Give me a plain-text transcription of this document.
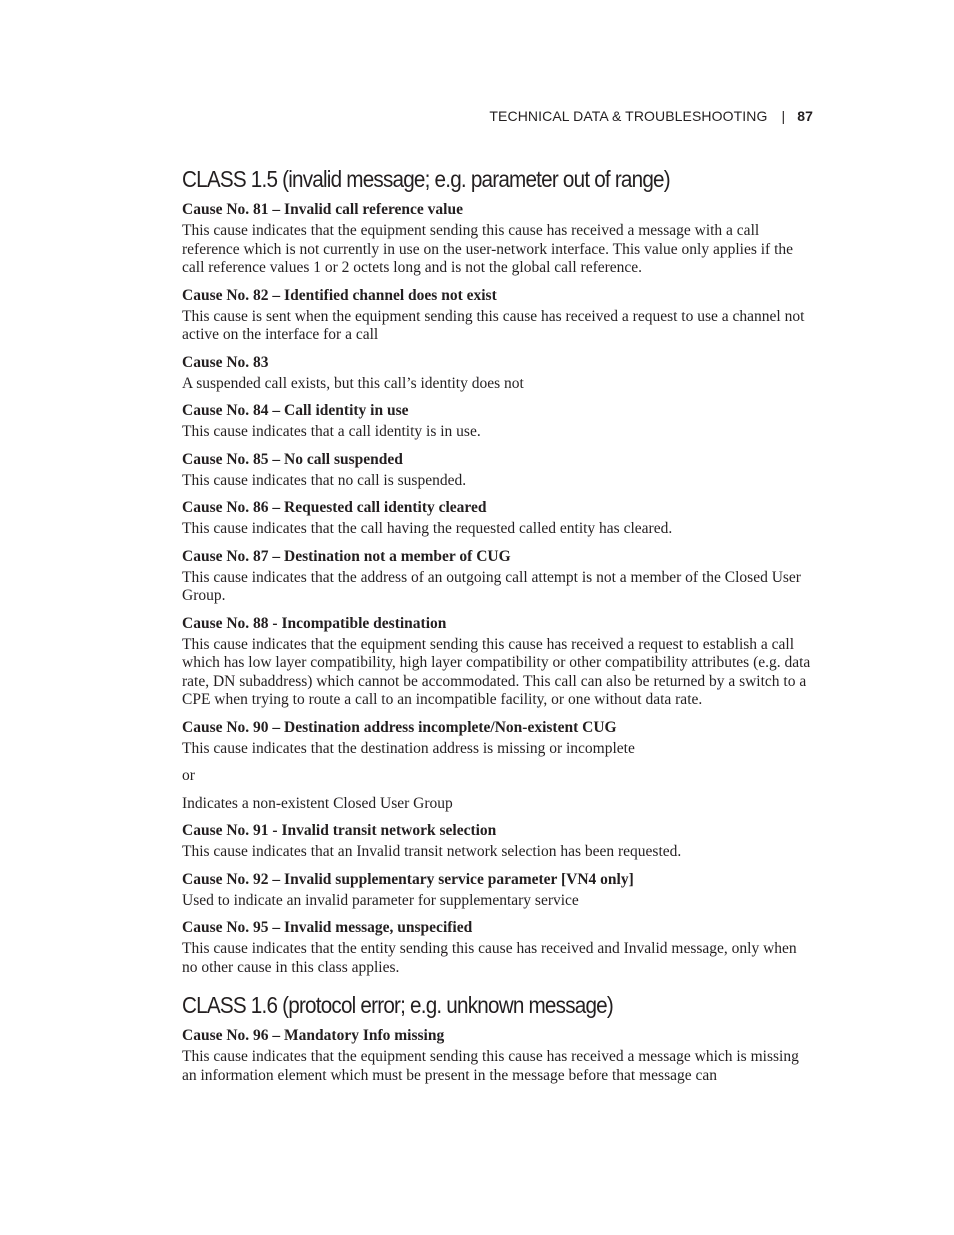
TECHNICAL DATA & TROUBLESHOOTING | 87
CLASS 1.5 (invalid message; e.g. parameter out of range)
Cause No. 81 – Invalid call reference value

This cause indicates that the equipment sending this cause has received a message with a call reference which is not currently in use on the user-network interface. This value only applies if the call reference values 1 or 2 octets long and is not the global call reference.

Cause No. 82 – Identified channel does not exist

This cause is sent when the equipment sending this cause has received a request to use a channel not active on the interface for a call

Cause No. 83

A suspended call exists, but this call’s identity does not

Cause No. 84 – Call identity in use

This cause indicates that a call identity is in use.

Cause No. 85 – No call suspended

This cause indicates that no call is suspended.

Cause No. 86 – Requested call identity cleared

This cause indicates that the call having the requested called entity has cleared.

Cause No. 87 – Destination not a member of CUG

This cause indicates that the address of an outgoing call attempt is not a member of the Closed User Group.

Cause No. 88 - Incompatible destination

This cause indicates that the equipment sending this cause has received a request to establish a call which has low layer compatibility, high layer compatibility or other compatibility attributes (e.g. data rate, DN subaddress) which cannot be accommodated. This call can also be returned by a switch to a CPE when trying to route a call to an incompatible facility, or one without data rate.

Cause No. 90 – Destination address incomplete/Non-existent CUG

This cause indicates that the destination address is missing or incomplete

or

Indicates a non-existent Closed User Group

Cause No. 91 - Invalid transit network selection

This cause indicates that an Invalid transit network selection has been requested.

Cause No. 92 – Invalid supplementary service parameter [VN4 only]

Used to indicate an invalid parameter for supplementary service

Cause No. 95 – Invalid message, unspecified

This cause indicates that the entity sending this cause has received and Invalid message, only when no other cause in this class applies.

CLASS 1.6 (protocol error; e.g. unknown message)
Cause No. 96 – Mandatory Info missing

This cause indicates that the equipment sending this cause has received a message which is missing an information element which must be present in the message before that message can
